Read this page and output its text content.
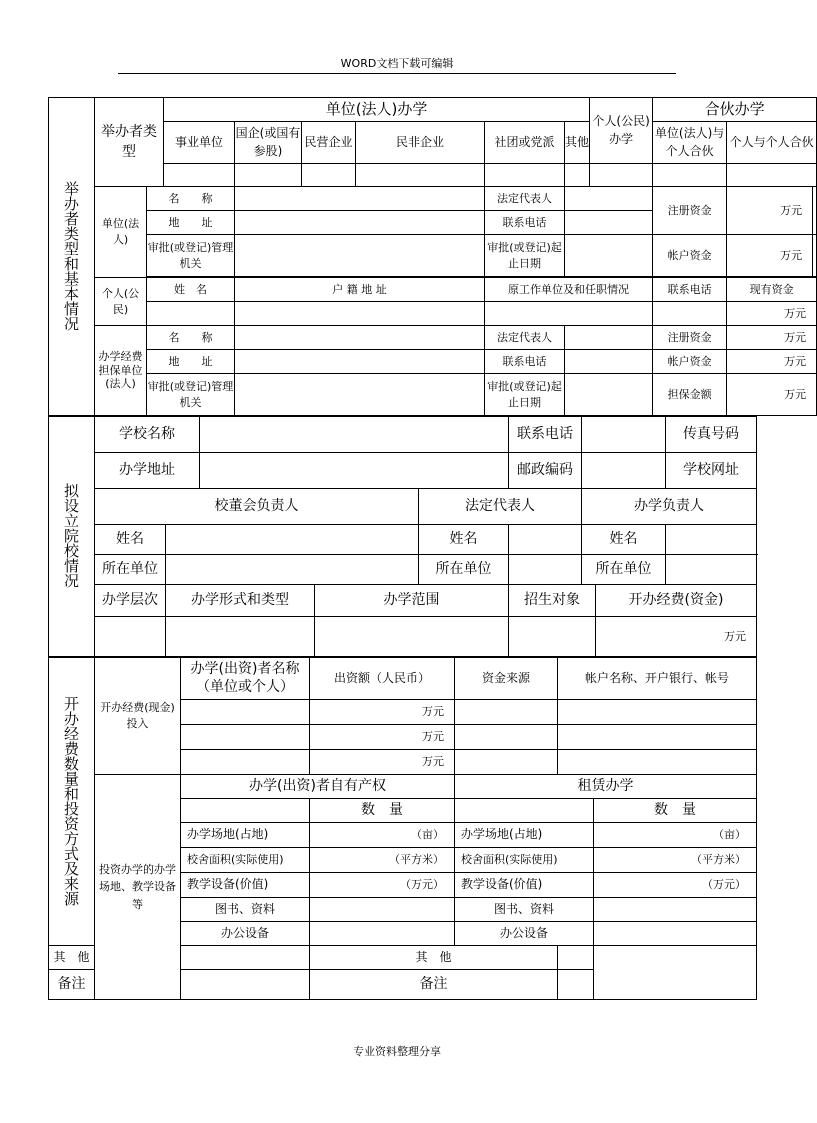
WORD文档下载可编辑
举办者类型和基本情况	举办者类型		单位(法人)办学						个人(公民)办学	合伙办学		
			事业单位	国企(或国有参股)	民营企业	民非企业	社团或党派	其他		单位(法人)与个人合伙	个人与个人合伙	

	单位(法人)	名　　称					法定代表人			注册资金	万元	
		地　　址					联系电话					
		审批(或登记)管理机关					审批(或登记)起止日期			帐户资金	万元	

	个人(公民)	姓　名		户 籍 地 址			原工作单位及和任职情况			联系电话	现有资金	
											万元	
	办学经费担保单位(法人)	名　　称					法定代表人			注册资金	万元	
		地　　址					联系电话			帐户资金	万元	
		审批(或登记)管理机关					审批(或登记)起止日期			担保金额	万元	
拟设立院校情况	学校名称					联系电话			传真号码	
	办学地址					邮政编码			学校网址	
	校董会负责人				法定代表人		办学负责人			
	姓名				姓名		姓名			
	所在单位				所在单位		所在单位			
	办学层次	办学形式和类型		办学范围		招生对象		开办经费(资金)		
								万元		
开办经费数量和投资方式及来源	开办经费(现金)投入	办学(出资)者名称（单位或个人）	出资额（人民币）	资金来源	帐户名称、开户银行、帐号	
			万元			
			万元			
			万元			
	投资办学的办学场地、教学设备等	办学(出资)者自有产权		租赁办学		
			数　量			数　量
		办学场地(占地)	（亩）	办学场地(占地)		（亩）
		校舍面积(实际使用)	（平方米）	校舍面积(实际使用)		（平方米）
		教学设备(价值)	（万元）	教学设备(价值)		（万元）
		图书、资料		图书、资料		
		办公设备		办公设备		
其　他			其　他			
备注			备注			
专业资料整理分享
